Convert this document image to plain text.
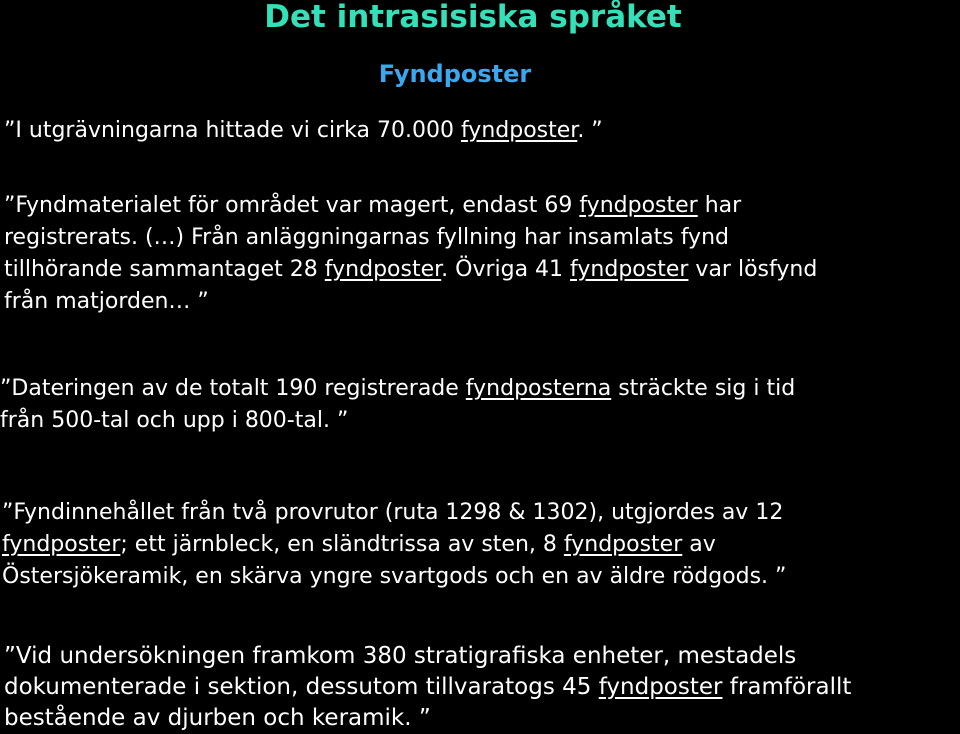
Det intrasisiska språket
Fyndposter

”I utgrävningarna hittade vi cirka 70.000 fyndposter. ”

”Fyndmaterialet för området var magert, endast 69 fyndposter har
registrerats. (…) Från anläggningarnas fyllning har insamlats fynd
tillhörande sammantaget 28 fyndposter. Övriga 41 fyndposter var lösfynd
från matjorden… ”

”Dateringen av de totalt 190 registrerade fyndposterna sträckte sig i tid
från 500-tal och upp i 800-tal. ”

”Fyndinnehållet från två provrutor (ruta 1298 & 1302), utgjordes av 12
fyndposter; ett järnbleck, en sländtrissa av sten, 8 fyndposter av
Östersjökeramik, en skärva yngre svartgods och en av äldre rödgods. ”

”Vid undersökningen framkom 380 stratigrafiska enheter, mestadels
dokumenterade i sektion, dessutom tillvaratogs 45 fyndposter framförallt
bestående av djurben och keramik. ”
